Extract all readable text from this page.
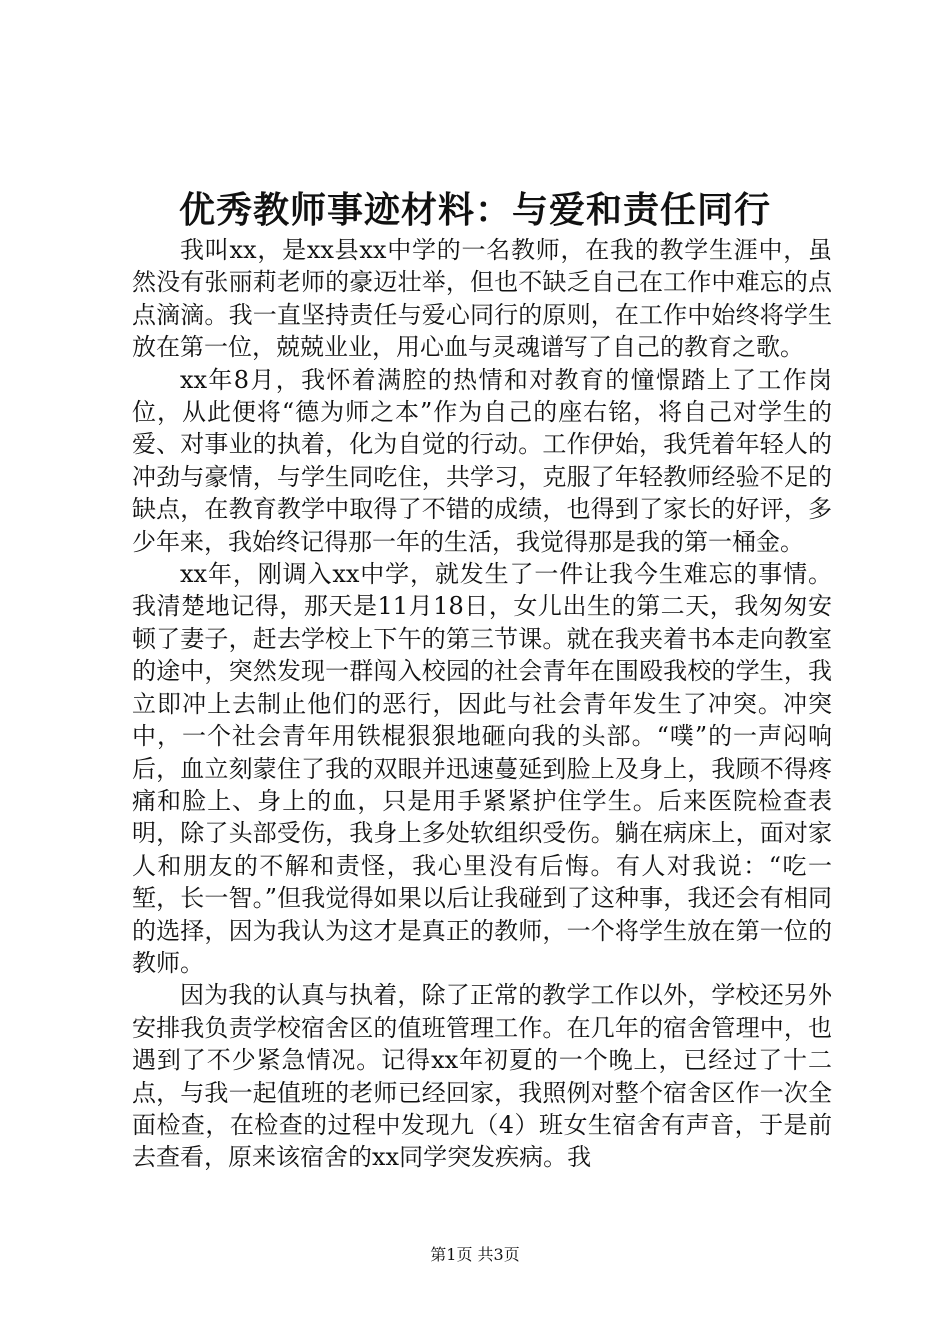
优秀教师事迹材料：与爱和责任同行

我叫xx，是xx县xx中学的一名教师，在我的教学生涯中，虽然没有张丽莉老师的豪迈壮举，但也不缺乏自己在工作中难忘的点点滴滴。我一直坚持责任与爱心同行的原则，在工作中始终将学生放在第一位，兢兢业业，用心血与灵魂谱写了自己的教育之歌。

xx年8月，我怀着满腔的热情和对教育的憧憬踏上了工作岗位，从此便将“德为师之本”作为自己的座右铭，将自己对学生的爱、对事业的执着，化为自觉的行动。工作伊始，我凭着年轻人的冲劲与豪情，与学生同吃住，共学习，克服了年轻教师经验不足的缺点，在教育教学中取得了不错的成绩，也得到了家长的好评，多少年来，我始终记得那一年的生活，我觉得那是我的第一桶金。

xx年，刚调入xx中学，就发生了一件让我今生难忘的事情。我清楚地记得，那天是11月18日，女儿出生的第二天，我匆匆安顿了妻子，赶去学校上下午的第三节课。就在我夹着书本走向教室的途中，突然发现一群闯入校园的社会青年在围殴我校的学生，我立即冲上去制止他们的恶行，因此与社会青年发生了冲突。冲突中，一个社会青年用铁棍狠狠地砸向我的头部。“噗”的一声闷响后，血立刻蒙住了我的双眼并迅速蔓延到脸上及身上，我顾不得疼痛和脸上、身上的血，只是用手紧紧护住学生。后来医院检查表明，除了头部受伤，我身上多处软组织受伤。躺在病床上，面对家人和朋友的不解和责怪，我心里没有后悔。有人对我说：“吃一堑，长一智。”但我觉得如果以后让我碰到了这种事，我还会有相同的选择，因为我认为这才是真正的教师，一个将学生放在第一位的教师。

因为我的认真与执着，除了正常的教学工作以外，学校还另外安排我负责学校宿舍区的值班管理工作。在几年的宿舍管理中，也遇到了不少紧急情况。记得xx年初夏的一个晚上，已经过了十二点，与我一起值班的老师已经回家，我照例对整个宿舍区作一次全面检查，在检查的过程中发现九（4）班女生宿舍有声音，于是前去查看，原来该宿舍的xx同学突发疾病。我

第1页 共3页
